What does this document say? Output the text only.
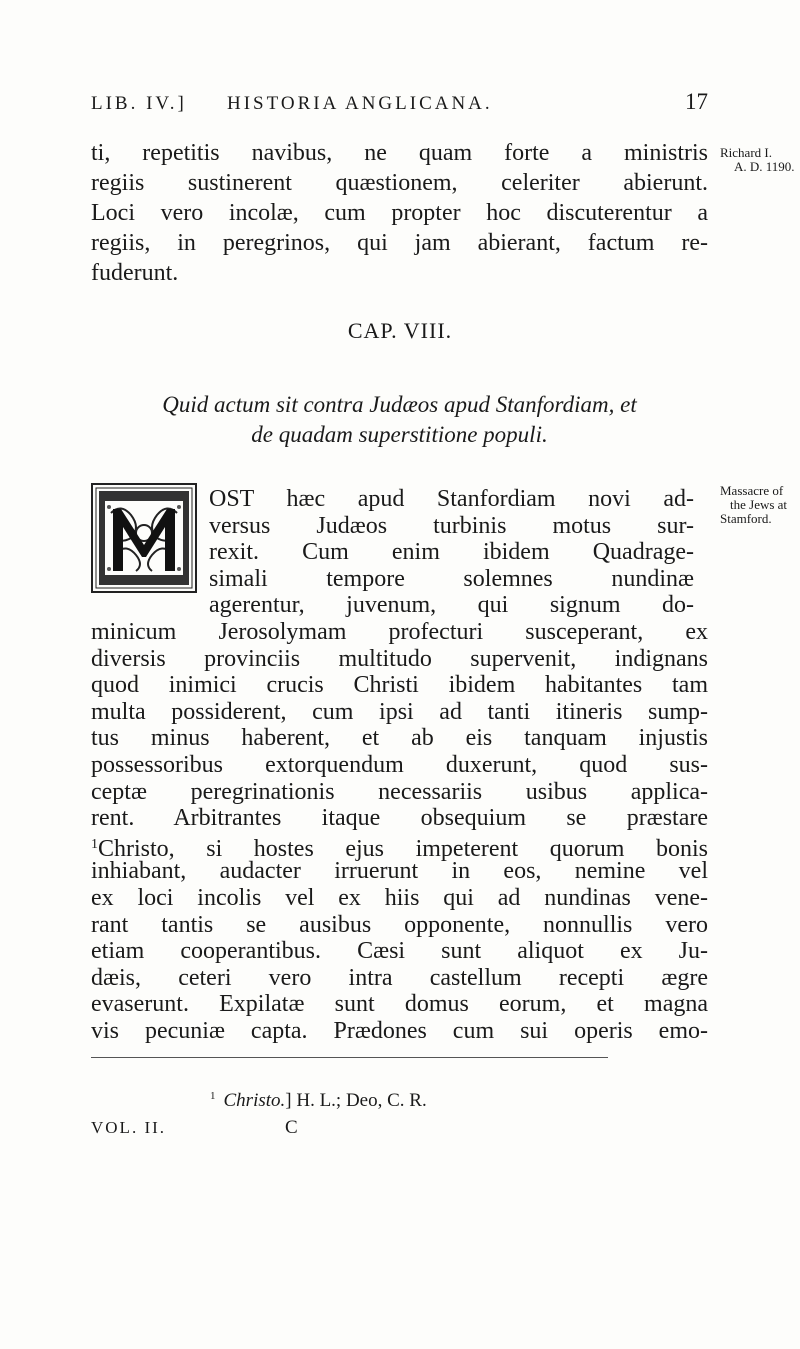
LIB. IV.] HISTORIA ANGLICANA.	17
Richard I.
A. D. 1190.
Massacre of
the Jews at
Stamford.
ti, repetitis navibus, ne quam forte a ministris
regiis sustinerent quæstionem, celeriter abierunt.
Loci vero incolæ, cum propter hoc discuterentur a
regiis, in peregrinos, qui jam abierant, factum re-
fuderunt.
CAP. VIII.
Quid actum sit contra Judæos apud Stanfordiam, et
de quadam superstitione populi.
OST hæc apud Stanfordiam novi ad-
versus Judæos turbinis motus sur-
rexit. Cum enim ibidem Quadrage-
simali tempore solemnes nundinæ
agerentur, juvenum, qui signum do-
minicum Jerosolymam profecturi susceperant, ex
diversis provinciis multitudo supervenit, indignans
quod inimici crucis Christi ibidem habitantes tam
multa possiderent, cum ipsi ad tanti itineris sump-
tus minus haberent, et ab eis tanquam injustis
possessoribus extorquendum duxerunt, quod sus-
ceptæ peregrinationis necessariis usibus applica-
rent. Arbitrantes itaque obsequium se præstare
$^1$Christo, si hostes ejus impeterent quorum bonis
inhiabant, audacter irruerunt in eos, nemine vel
ex loci incolis vel ex hiis qui ad nundinas vene-
rant tantis se ausibus opponente, nonnullis vero
etiam cooperantibus. Cæsi sunt aliquot ex Ju-
dæis, ceteri vero intra castellum recepti ægre
$^1$ Christo.] H. L.; Deo, C. R.
VOL. II.	C
evaserunt. Expilatæ sunt domus eorum, et magna
vis pecuniæ capta. Prædones cum sui operis emo-
